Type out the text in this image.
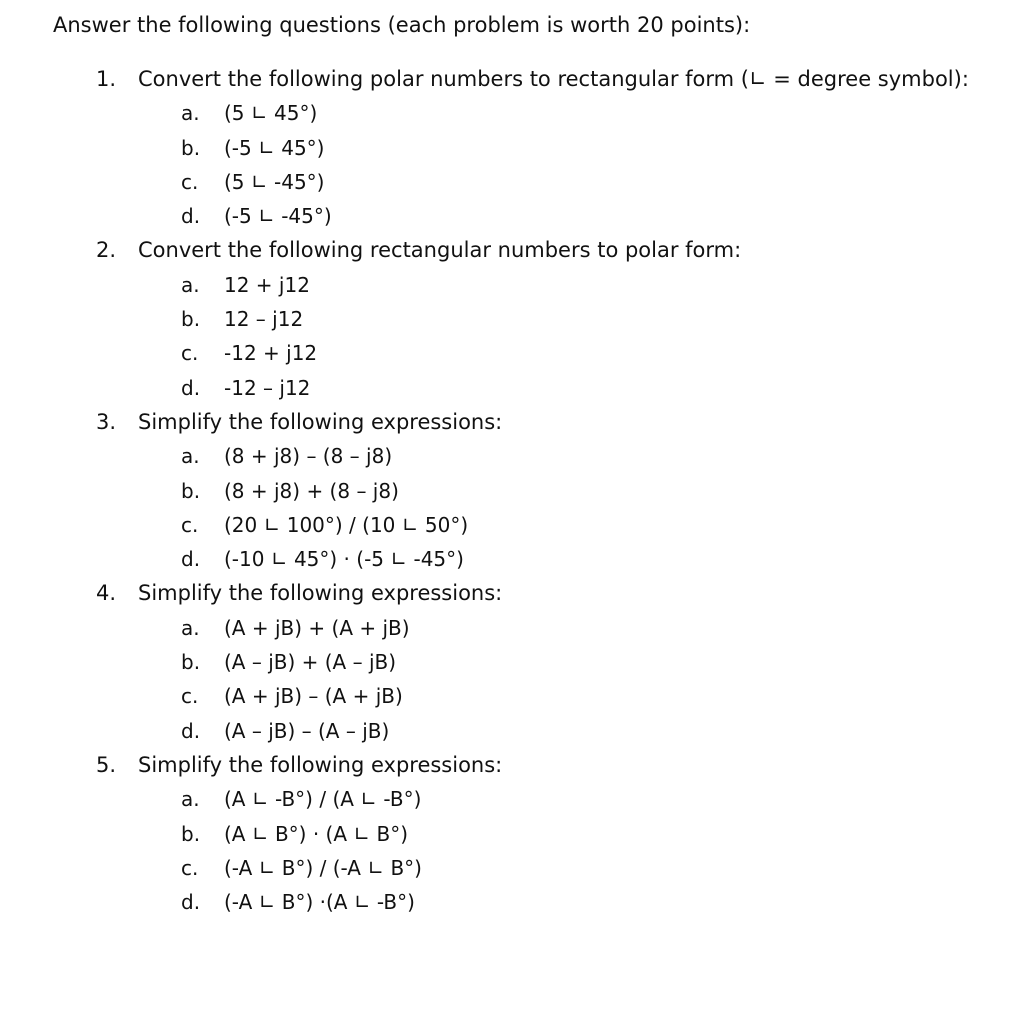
Answer the following questions (each problem is worth 20 points):
1. Convert the following polar numbers to rectangular form (∟ = degree symbol):
a. (5 ∟ 45°)
b. (-5 ∟ 45°)
c. (5 ∟ -45°)
d. (-5 ∟ -45°)
2. Convert the following rectangular numbers to polar form:
a. 12 + j12
b. 12 – j12
c. -12 + j12
d. -12 – j12
3. Simplify the following expressions:
a. (8 + j8) – (8 – j8)
b. (8 + j8) + (8 – j8)
c. (20 ∟ 100°) / (10 ∟ 50°)
d. (-10 ∟ 45°) · (-5 ∟ -45°)
4. Simplify the following expressions:
a. (A + jB) + (A + jB)
b. (A – jB) + (A – jB)
c. (A + jB) – (A + jB)
d. (A – jB) – (A – jB)
5. Simplify the following expressions:
a. (A ∟ -B°) / (A ∟ -B°)
b. (A ∟ B°) · (A ∟ B°)
c. (-A ∟ B°) / (-A ∟ B°)
d. (-A ∟ B°) ·(A ∟ -B°)
